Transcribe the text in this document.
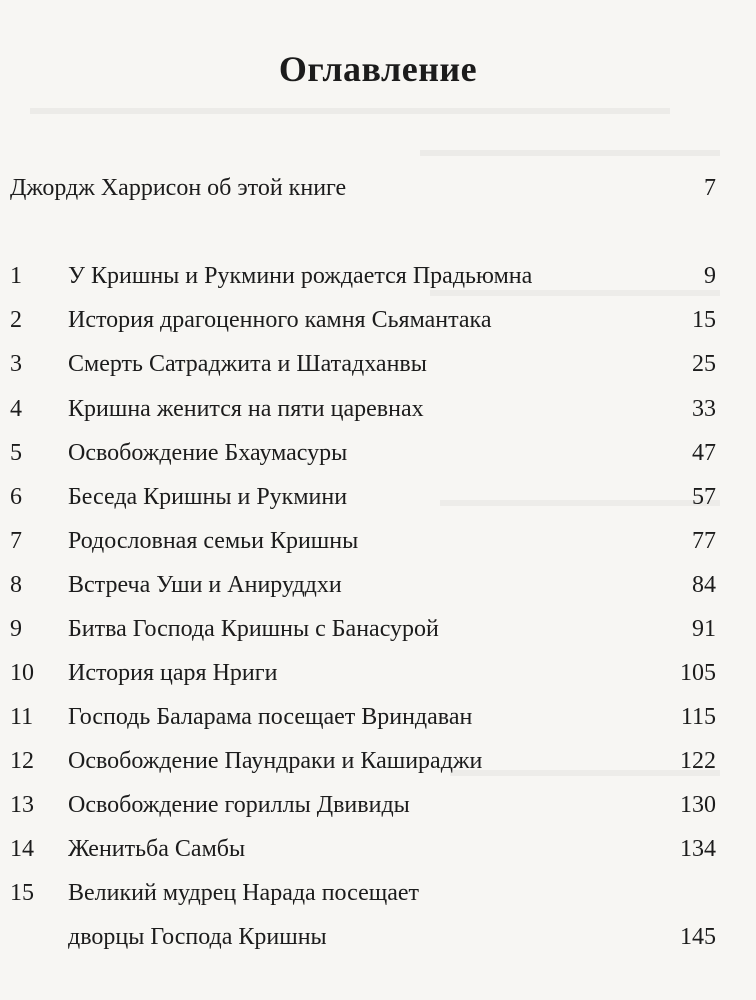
Оглавление
Джордж Харрисон об этой книге	7
1 У Кришны и Рукмини рождается Прадьюмна	9
2 История драгоценного камня Сьямантака	15
3 Смерть Сатраджита и Шатадханвы	25
4 Кришна женится на пяти царевнах	33
5 Освобождение Бхаумасуры	47
6 Беседа Кришны и Рукмини	57
7 Родословная семьи Кришны	77
8 Встреча Уши и Анируддхи	84
9 Битва Господа Кришны с Банасурой	91
10 История царя Нриги	105
11 Господь Баларама посещает Вриндаван	115
12 Освобождение Паундраки и Кашираджи	122
13 Освобождение гориллы Двивиды	130
14 Женитьба Самбы	134
15 Великий мудрец Нарада посещает
дворцы Господа Кришны	145
